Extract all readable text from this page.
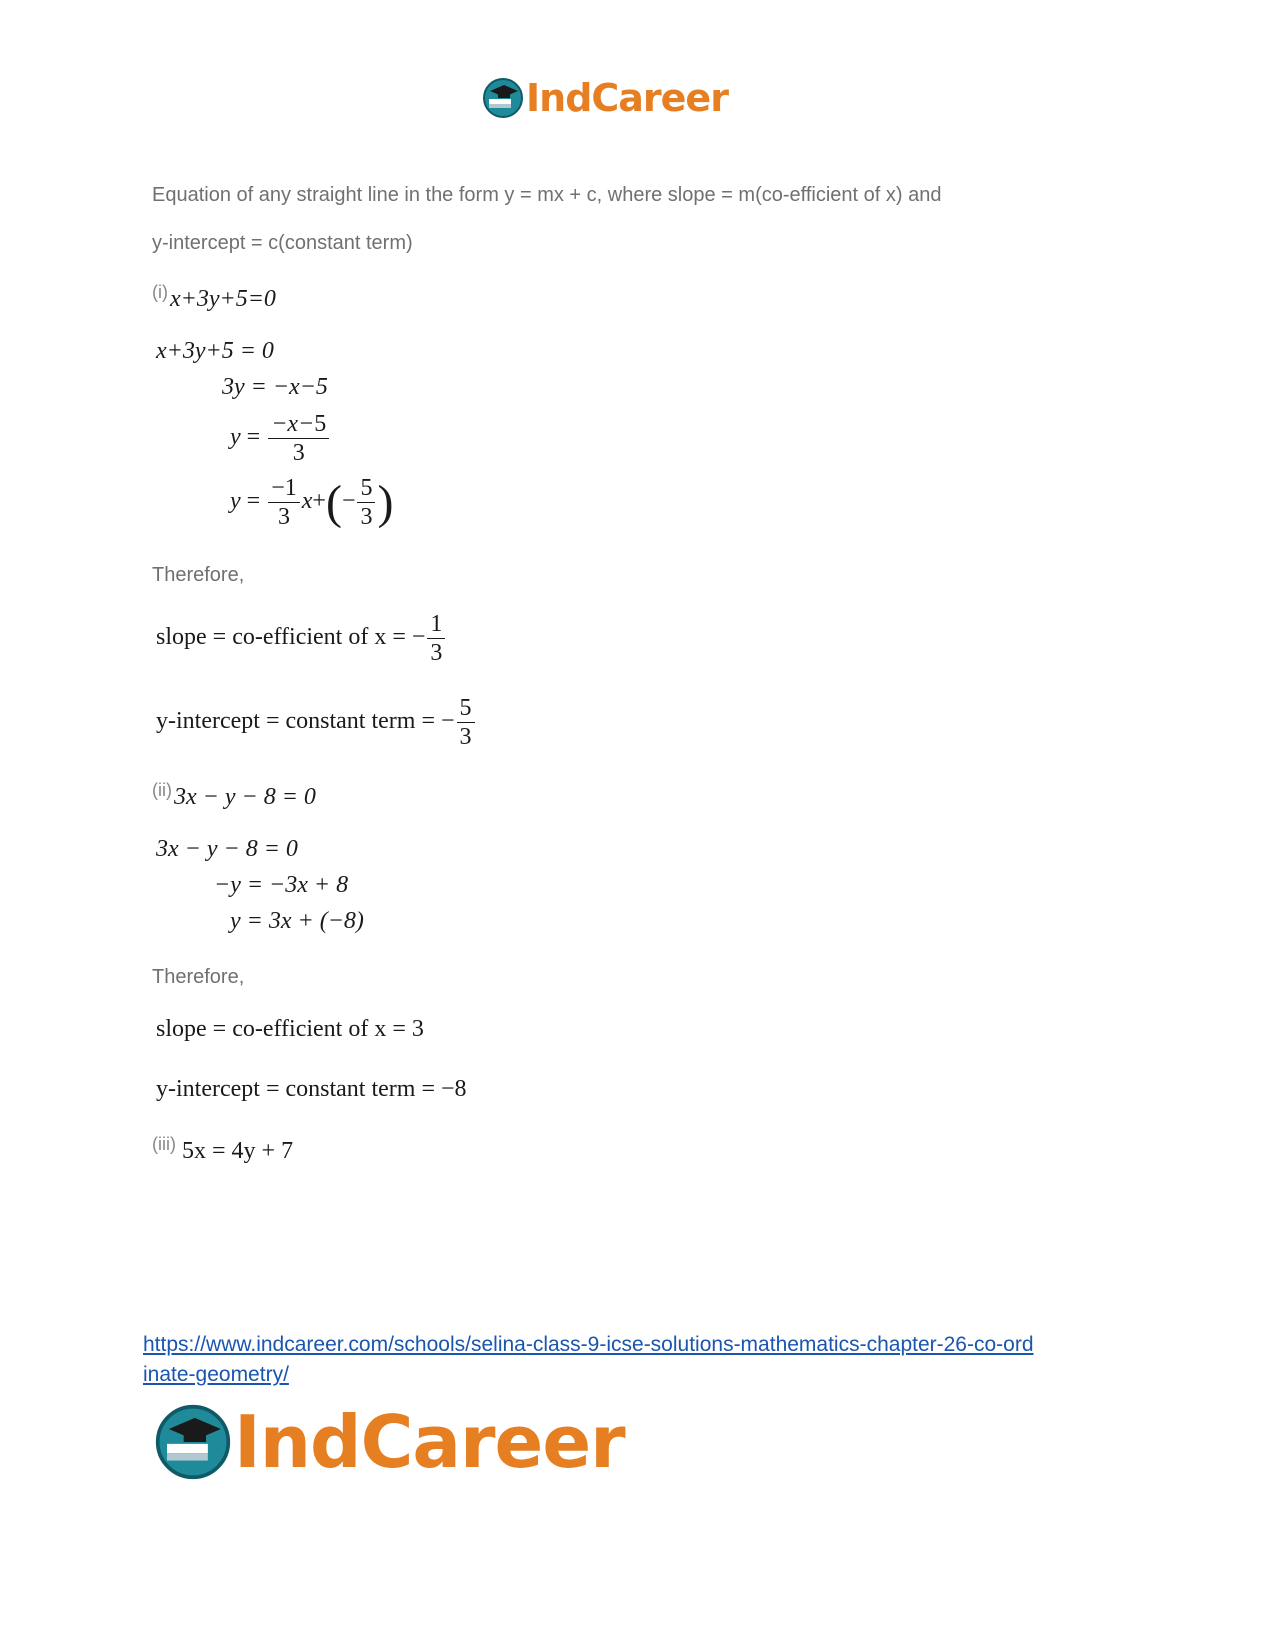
IndCareer
Equation of any straight line in the form y = mx + c, where slope = m(co-efficient of x) and
y-intercept = c(constant term)
$^{(i)}$x+3y+5=0
x+3y+5 = 0
3y = −x−5
$y = \frac{-x-5}{3}$
$y = \frac{-1}{3} x+(- \frac{5}{3}$ )
Therefore,
slope = co-efficient of x = − $\frac{1}{3}$
y-intercept = constant term = − $\frac{5}{3}$
$^{(ii)}$3x − y − 8 = 0
3x − y − 8 = 0
−y = −3x + 8
y = 3x + (−8)
Therefore,
slope = co-efficient of x = 3
y-intercept = constant term = −8
$^{(iii)}$ 5x = 4y + 7
https://www.indcareer.com/schools/selina-class-9-icse-solutions-mathematics-chapter-26-co-ord
inate-geometry/
IndCareer
